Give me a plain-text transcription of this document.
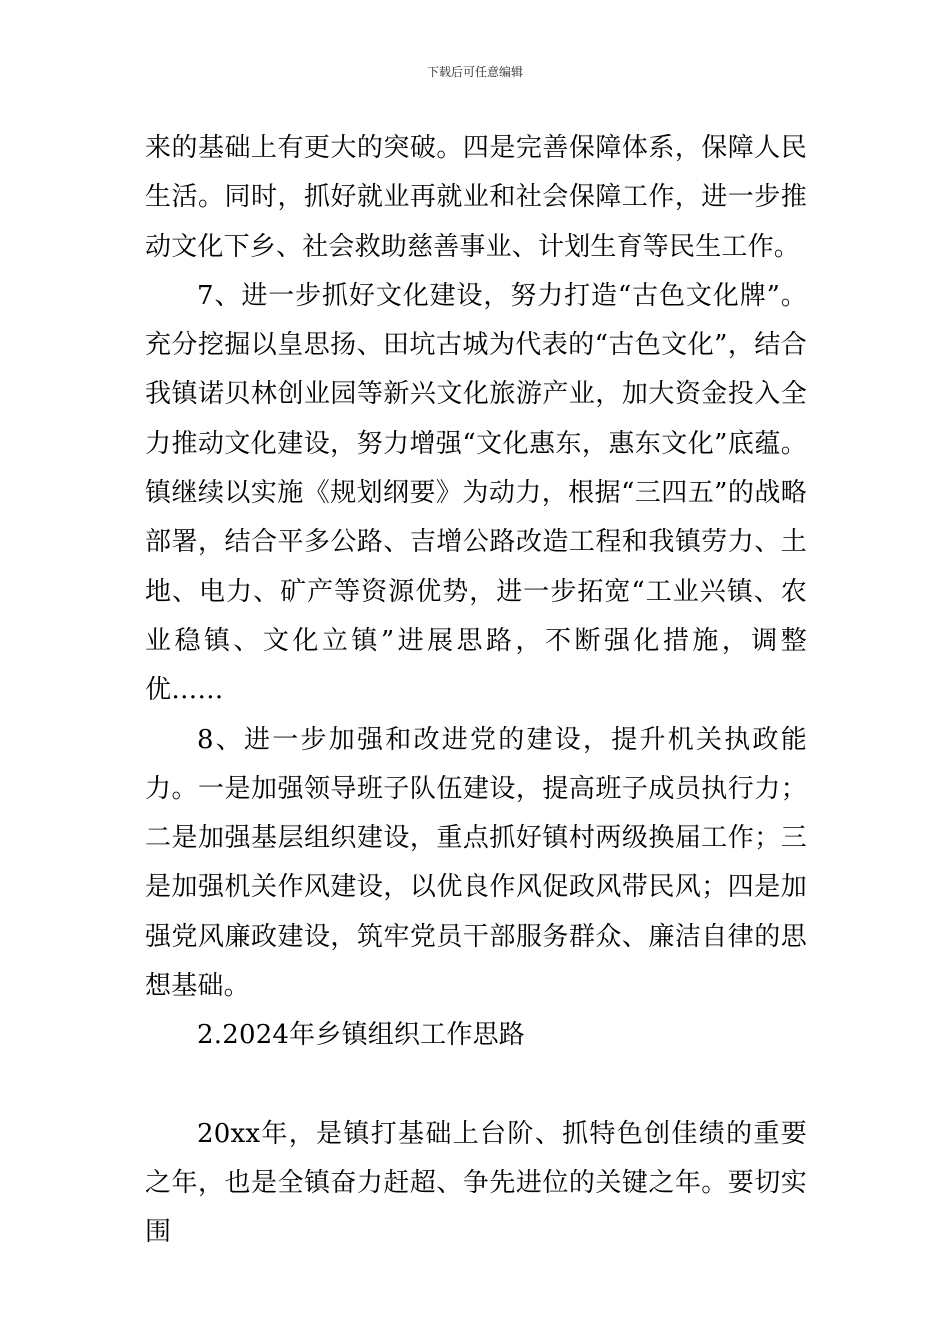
下载后可任意编辑

来的基础上有更大的突破。四是完善保障体系，保障人民生活。同时，抓好就业再就业和社会保障工作，进一步推动文化下乡、社会救助慈善事业、计划生育等民生工作。

7、进一步抓好文化建设，努力打造“古色文化牌”。充分挖掘以皇思扬、田坑古城为代表的“古色文化”，结合我镇诺贝林创业园等新兴文化旅游产业，加大资金投入全力推动文化建设，努力增强“文化惠东，惠东文化”底蕴。镇继续以实施《规划纲要》为动力，根据“三四五”的战略部署，结合平多公路、吉增公路改造工程和我镇劳力、土地、电力、矿产等资源优势，进一步拓宽“工业兴镇、农业稳镇、文化立镇”进展思路，不断强化措施，调整优……

8、进一步加强和改进党的建设，提升机关执政能力。一是加强领导班子队伍建设，提高班子成员执行力；二是加强基层组织建设，重点抓好镇村两级换届工作；三是加强机关作风建设，以优良作风促政风带民风；四是加强党风廉政建设，筑牢党员干部服务群众、廉洁自律的思想基础。

2.2024年乡镇组织工作思路

20xx年，是镇打基础上台阶、抓特色创佳绩的重要之年，也是全镇奋力赶超、争先进位的关键之年。要切实围
